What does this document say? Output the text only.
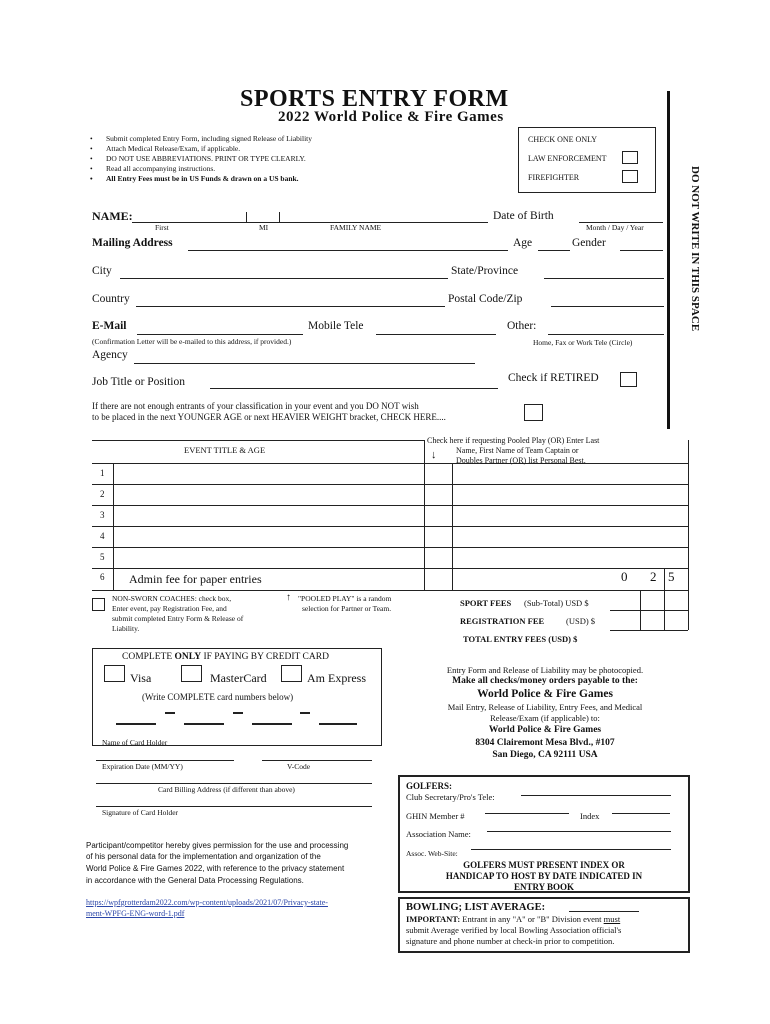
SPORTS ENTRY FORM
2022 World Police & Fire Games
• Submit completed Entry Form, including signed Release of Liability
• Attach Medical Release/Exam, if applicable.
• DO NOT USE ABBREVIATIONS. PRINT OR TYPE CLEARLY.
• Read all accompanying instructions.
• All Entry Fees must be in US Funds & drawn on a US bank.
CHECK ONE ONLY
LAW ENFORCEMENT
FIREFIGHTER	DO NOT WRITE IN THIS SPACE
NAME:
First	MI	FAMILY NAME
Date of Birth
Month / Day / Year
Mailing Address	Age	Gender
City	State/Province
Country	Postal Code/Zip
E-Mail	Mobile Tele	Other:
(Confirmation Letter will be e-mailed to this address, if provided.)	Home, Fax or Work Tele (Circle)
Agency
Job Title or Position	Check if RETIRED
If there are not enough entrants of your classification in your event and you DO NOT wish
to be placed in the next YOUNGER AGE or next HEAVIER WEIGHT bracket, CHECK HERE....
EVENT TITLE & AGE
Check here if requesting Pooled Play (OR) Enter Last
Name, First Name of Team Captain or
Doubles Partner (OR) list Personal Best.
↓
1
2
3
4
5
6 Admin fee for paper entries	0 2 5
NON-SWORN COACHES: check box,
Enter event, pay Registration Fee, and
submit completed Entry Form & Release of
Liability.
↑ "POOLED PLAY" is a random
selection for Partner or Team.
SPORT FEES (Sub-Total) USD $
REGISTRATION FEE	(USD) $
TOTAL ENTRY FEES (USD) $
COMPLETE ONLY IF PAYING BY CREDIT CARD
Visa	MasterCard	Am Express
(Write COMPLETE card numbers below)
Name of Card Holder
Expiration Date (MM/YY)	V-Code
Card Billing Address (if different than above)
Signature of Card Holder
Entry Form and Release of Liability may be photocopied.
Make all checks/money orders payable to the:
World Police & Fire Games
Mail Entry, Release of Liability, Entry Fees, and Medical
Release/Exam (if applicable) to:
World Police & Fire Games
8304 Clairemont Mesa Blvd., #107
San Diego, CA 92111 USA
Participant/competitor hereby gives permission for the use and processing
of his personal data for the implementation and organization of the
World Police & Fire Games 2022, with reference to the privacy statement
in accordance with the General Data Processing Regulations.
https://wpfgrotterdam2022.com/wp-content/uploads/2021/07/Privacy-state-
ment-WPFG-ENG-word-1.pdf
GOLFERS:
Club Secretary/Pro's Tele:
GHIN Member #	Index
Association Name:
Assoc. Web-Site:
GOLFERS MUST PRESENT INDEX OR
HANDICAP TO HOST BY DATE INDICATED IN
ENTRY BOOK
BOWLING; LIST AVERAGE:
IMPORTANT: Entrant in any "A" or "B" Division event must
submit Average verified by local Bowling Association official's
signature and phone number at check-in prior to competition.
